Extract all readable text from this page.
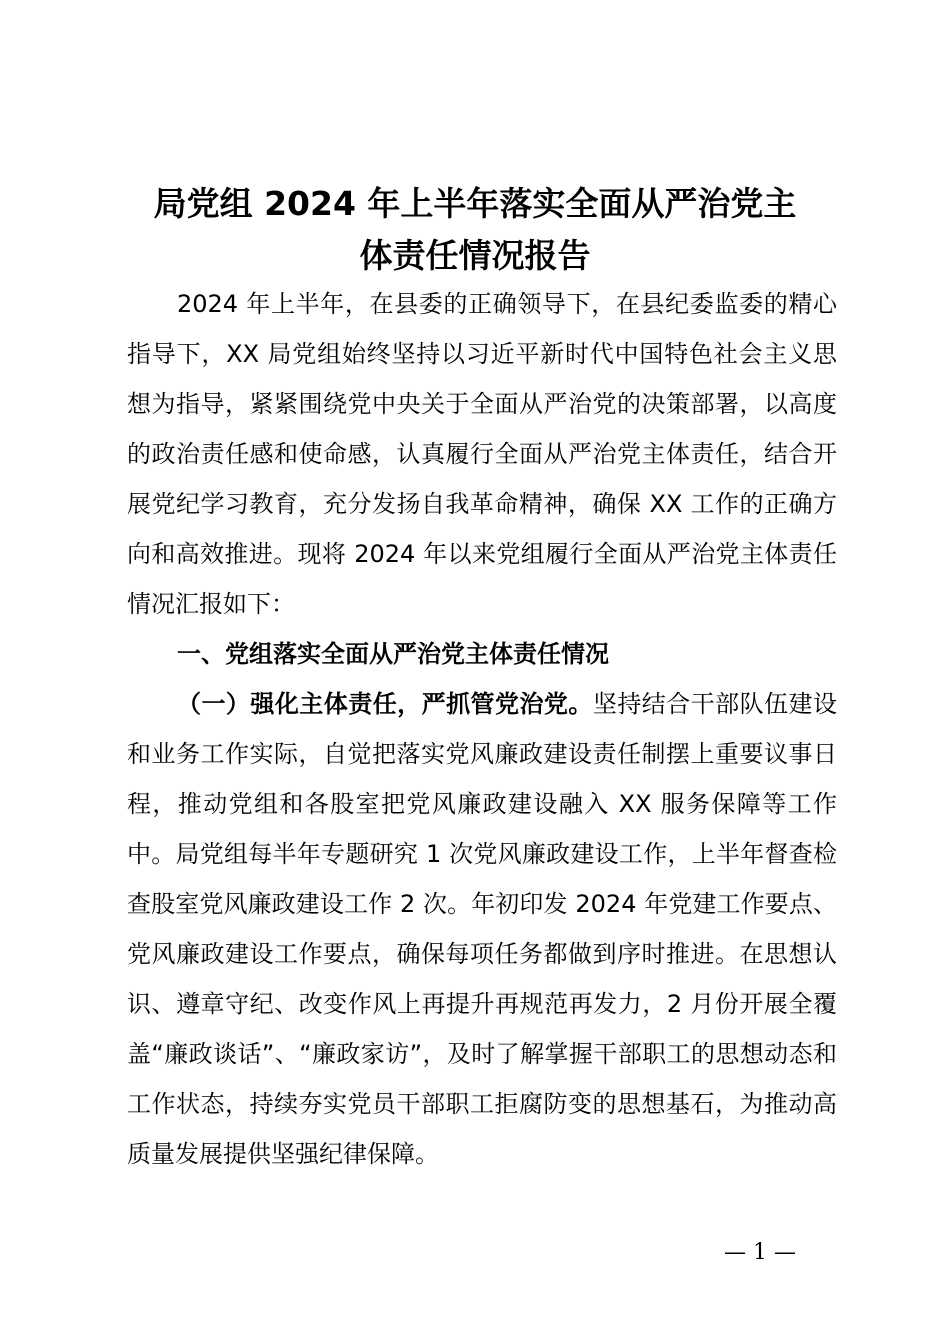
局党组 2024 年上半年落实全面从严治党主
体责任情况报告

2024 年上半年，在县委的正确领导下，在县纪委监委的精心指导下，XX 局党组始终坚持以习近平新时代中国特色社会主义思想为指导，紧紧围绕党中央关于全面从严治党的决策部署，以高度的政治责任感和使命感，认真履行全面从严治党主体责任，结合开展党纪学习教育，充分发扬自我革命精神，确保 XX 工作的正确方向和高效推进。现将 2024 年以来党组履行全面从严治党主体责任情况汇报如下：

一、党组落实全面从严治党主体责任情况

（一）强化主体责任，严抓管党治党。坚持结合干部队伍建设和业务工作实际，自觉把落实党风廉政建设责任制摆上重要议事日程，推动党组和各股室把党风廉政建设融入 XX 服务保障等工作中。局党组每半年专题研究 1 次党风廉政建设工作，上半年督查检查股室党风廉政建设工作 2 次。年初印发 2024 年党建工作要点、党风廉政建设工作要点，确保每项任务都做到序时推进。在思想认识、遵章守纪、改变作风上再提升再规范再发力，2 月份开展全覆盖“廉政谈话”、“廉政家访”，及时了解掌握干部职工的思想动态和工作状态，持续夯实党员干部职工拒腐防变的思想基石，为推动高质量发展提供坚强纪律保障。

— 1 —
